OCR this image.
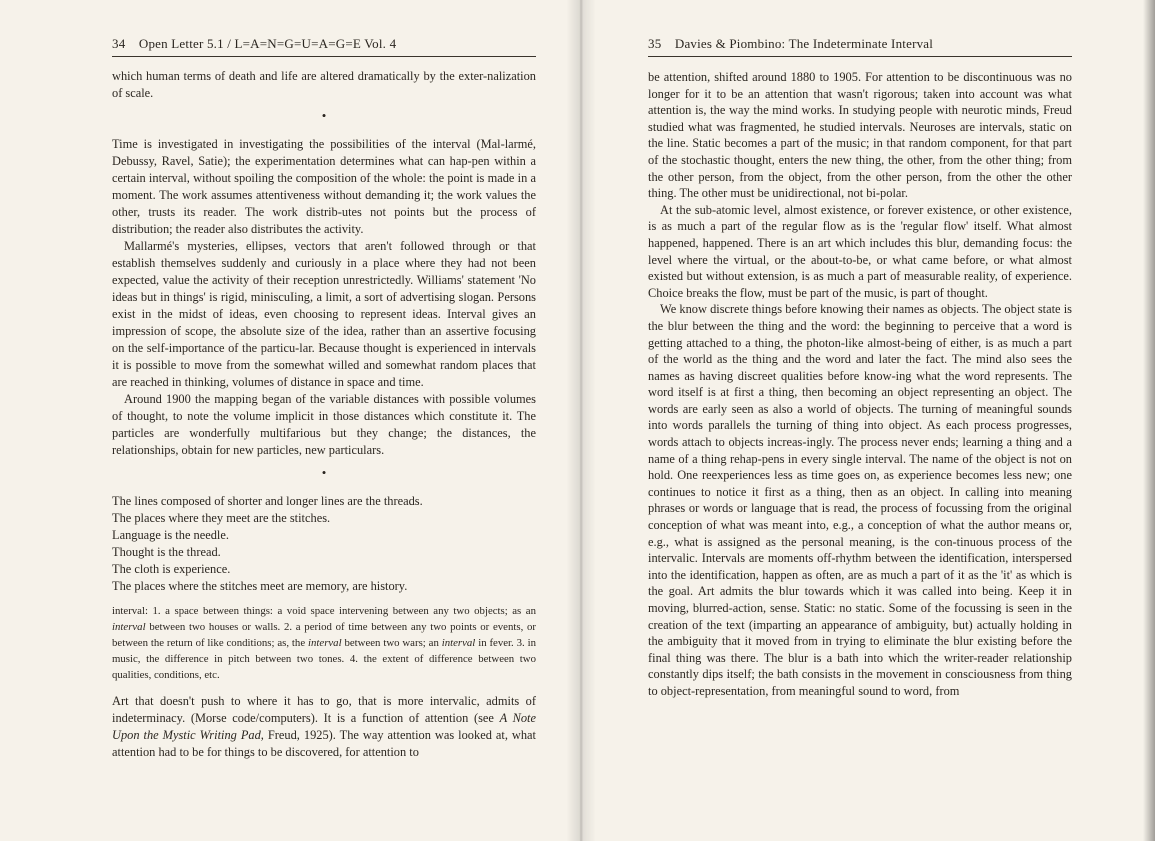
34 Open Letter 5.1 / L=A=N=G=U=A=G=E Vol. 4

which human terms of death and life are altered dramatically by the exter-nalization of scale.

•

Time is investigated in investigating the possibilities of the interval (Mal-larmé, Debussy, Ravel, Satie); the experimentation determines what can hap-pen within a certain interval, without spoiling the composition of the whole: the point is made in a moment. The work assumes attentiveness without demanding it; the work values the other, trusts its reader. The work distrib-utes not points but the process of distribution; the reader also distributes the activity.

Mallarmé's mysteries, ellipses, vectors that aren't followed through or that establish themselves suddenly and curiously in a place where they had not been expected, value the activity of their reception unrestrictedly. Williams' statement 'No ideas but in things' is rigid, miniscuIing, a limit, a sort of advertising slogan. Persons exist in the midst of ideas, even choosing to represent ideas. Interval gives an impression of scope, the absolute size of the idea, rather than an assertive focusing on the self-importance of the particu-lar. Because thought is experienced in intervals it is possible to move from the somewhat willed and somewhat random places that are reached in thinking, volumes of distance in space and time.

Around 1900 the mapping began of the variable distances with possible volumes of thought, to note the volume implicit in those distances which constitute it. The particles are wonderfully multifarious but they change; the distances, the relationships, obtain for new particles, new particulars.

•

The lines composed of shorter and longer lines are the threads.

The places where they meet are the stitches.

Language is the needle.

Thought is the thread.

The cloth is experience.

The places where the stitches meet are memory, are history.

interval: 1. a space between things: a void space intervening between any two objects; as an interval between two houses or walls. 2. a period of time between any two points or events, or between the return of like conditions; as, the interval between two wars; an interval in fever. 3. in music, the difference in pitch between two tones. 4. the extent of difference between two qualities, conditions, etc.

Art that doesn't push to where it has to go, that is more intervalic, admits of indeterminacy. (Morse code/computers). It is a function of attention (see A Note Upon the Mystic Writing Pad, Freud, 1925). The way attention was looked at, what attention had to be for things to be discovered, for attention to

35 Davies & Piombino: The Indeterminate Interval

be attention, shifted around 1880 to 1905. For attention to be discontinuous was no longer for it to be an attention that wasn't rigorous; taken into account was what attention is, the way the mind works. In studying people with neurotic minds, Freud studied what was fragmented, he studied intervals. Neuroses are intervals, static on the line. Static becomes a part of the music; in that random component, for that part of the stochastic thought, enters the new thing, the other, from the other thing; from the other person, from the object, from the other person, from the other the other thing. The other must be unidirectional, not bi-polar.

At the sub-atomic level, almost existence, or forever existence, or other existence, is as much a part of the regular flow as is the 'regular flow' itself. What almost happened, happened. There is an art which includes this blur, demanding focus: the level where the virtual, or the about-to-be, or what came before, or what almost existed but without extension, is as much a part of measurable reality, of experience. Choice breaks the flow, must be part of the music, is part of thought.

We know discrete things before knowing their names as objects. The object state is the blur between the thing and the word: the beginning to perceive that a word is getting attached to a thing, the photon-like almost-being of either, is as much a part of the world as the thing and the word and later the fact. The mind also sees the names as having discreet qualities before know-ing what the word represents. The word itself is at first a thing, then becoming an object representing an object. The words are early seen as also a world of objects. The turning of meaningful sounds into words parallels the turning of thing into object. As each process progresses, words attach to objects increas-ingly. The process never ends; learning a thing and a name of a thing rehap-pens in every single interval. The name of the object is not on hold. One reexperiences less as time goes on, as experience becomes less new; one continues to notice it first as a thing, then as an object. In calling into meaning phrases or words or language that is read, the process of focussing from the original conception of what was meant into, e.g., a conception of what the author means or, e.g., what is assigned as the personal meaning, is the con-tinuous process of the intervalic. Intervals are moments off-rhythm between the identification, interspersed into the identification, happen as often, are as much a part of it as the 'it' as which is the goal. Art admits the blur towards which it was called into being. Keep it in moving, blurred-action, sense. Static: no static. Some of the focussing is seen in the creation of the text (imparting an appearance of ambiguity, but) actually holding in the ambiguity that it moved from in trying to eliminate the blur existing before the final thing was there. The blur is a bath into which the writer-reader relationship constantly dips itself; the bath consists in the movement in consciousness from thing to object-representation, from meaningful sound to word, from
